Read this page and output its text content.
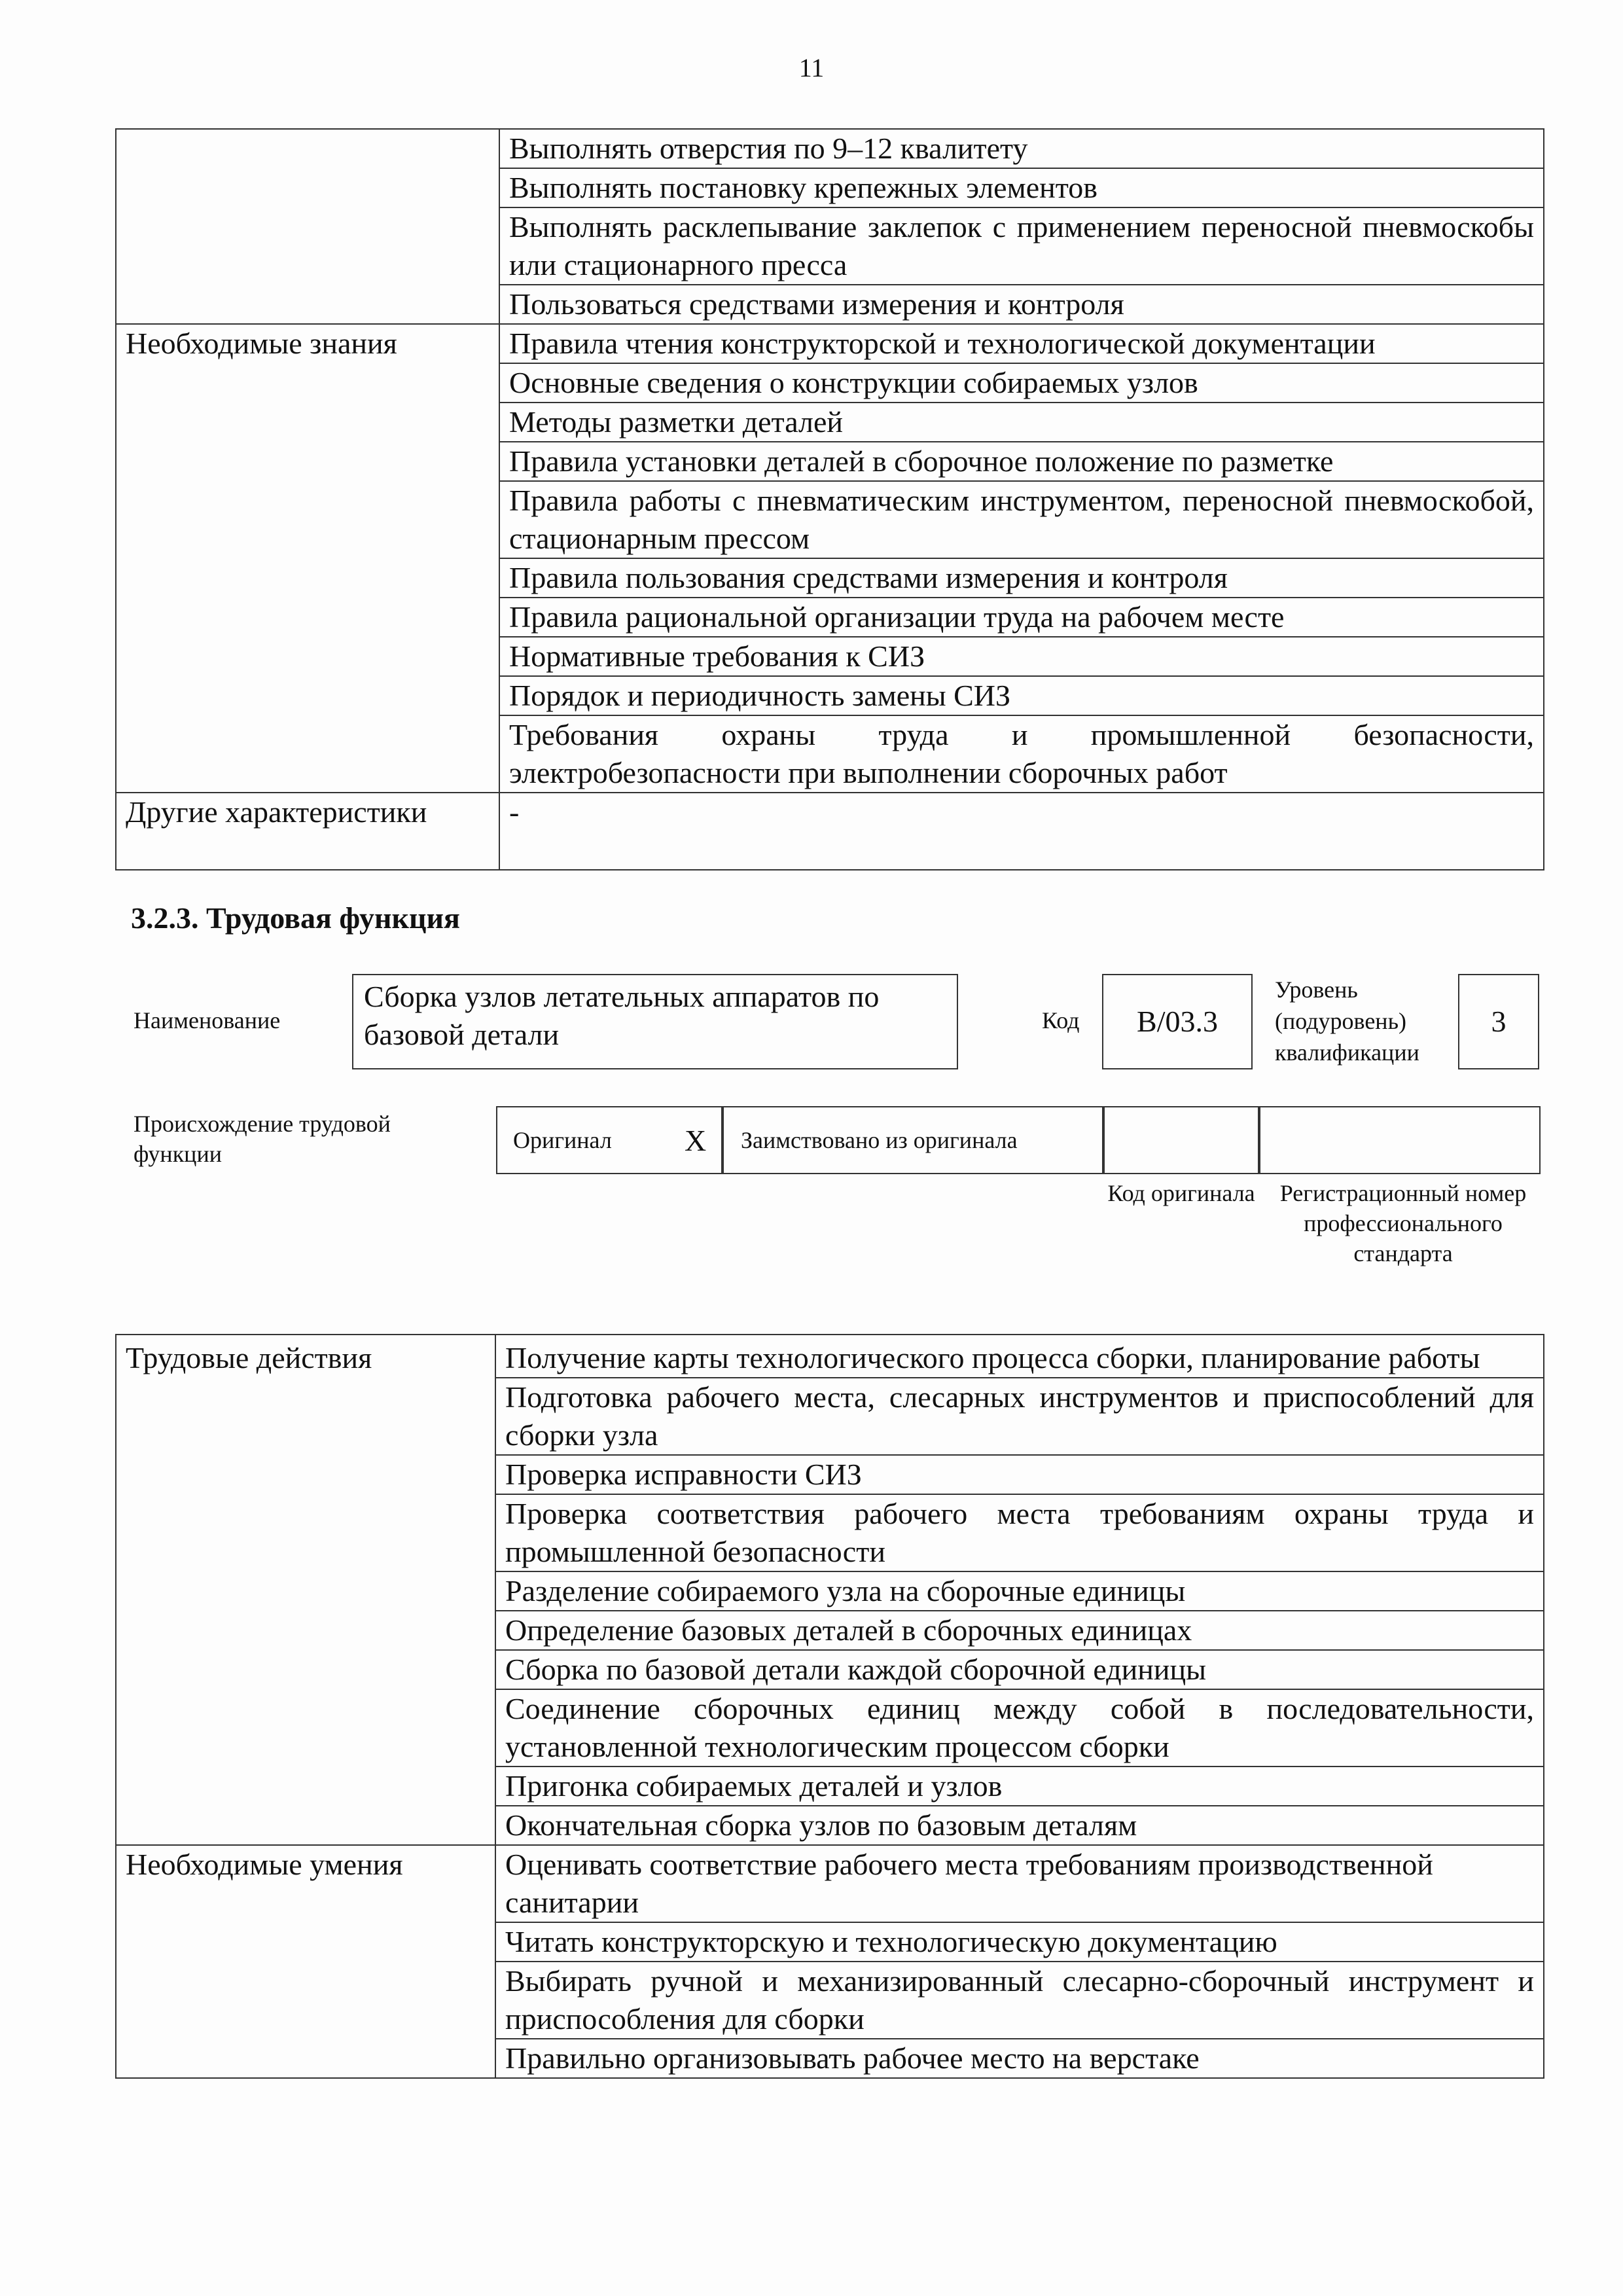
11
	Выполнять отверстия по 9–12 квалитету
	Выполнять постановку крепежных элементов
	Выполнять расклепывание заклепок с применением переносной пневмоскобы или стационарного пресса
	Пользоваться средствами измерения и контроля
Необходимые знания	Правила чтения конструкторской и технологической документации
	Основные сведения о конструкции собираемых узлов
	Методы разметки деталей
	Правила установки деталей в сборочное положение по разметке
	Правила работы с пневматическим инструментом, переносной пневмоскобой, стационарным прессом
	Правила пользования средствами измерения и контроля
	Правила рациональной организации труда на рабочем месте
	Нормативные требования к СИЗ
	Порядок и периодичность замены СИЗ
	Требования охраны труда и промышленной безопасности, электробезопасности при выполнении сборочных работ
Другие характеристики	-
3.2.3. Трудовая функция
Наименование
Сборка узлов летательных аппаратов по базовой детали	Код	B/03.3
Уровень (подуровень) квалификации
3
Происхождение трудовой функции
Оригинал X Заимствовано из оригинала
Код оригинала	Регистрационный номер профессионального стандарта
Трудовые действия	Получение карты технологического процесса сборки, планирование работы
	Подготовка рабочего места, слесарных инструментов и приспособлений для сборки узла
	Проверка исправности СИЗ
	Проверка соответствия рабочего места требованиям охраны труда и промышленной безопасности
	Разделение собираемого узла на сборочные единицы
	Определение базовых деталей в сборочных единицах
	Сборка по базовой детали каждой сборочной единицы
	Соединение сборочных единиц между собой в последовательности, установленной технологическим процессом сборки
	Пригонка собираемых деталей и узлов
	Окончательная сборка узлов по базовым деталям
Необходимые умения	Оценивать соответствие рабочего места требованиям производственной санитарии
	Читать конструкторскую и технологическую документацию
	Выбирать ручной и механизированный слесарно-сборочный инструмент и приспособления для сборки
	Правильно организовывать рабочее место на верстаке
